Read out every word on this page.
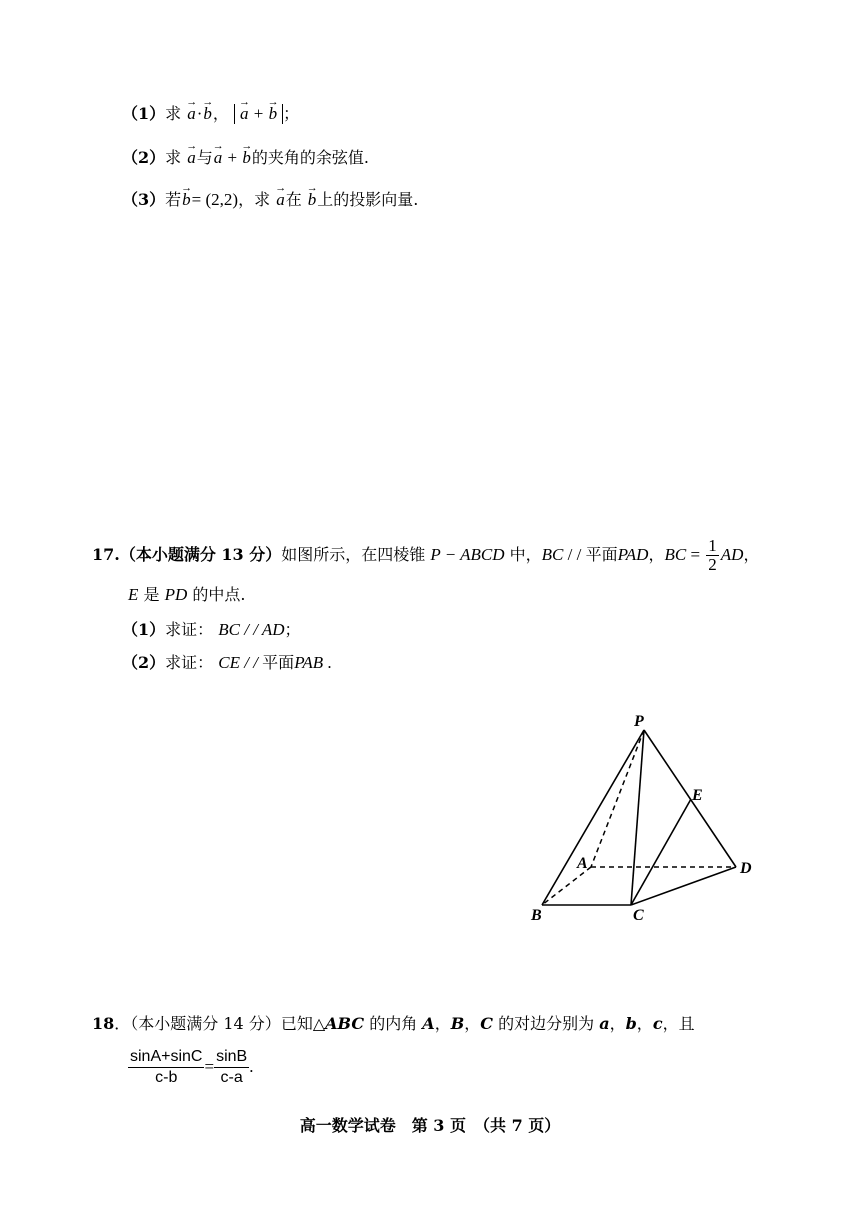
（1）求 → a·→ b， → a + → b ；
（2）求 → a与→ a + → b的夹角的余弦值.
（3）若→ b= (2,2)，求 → a在 → b上的投影向量.
17.（本小题满分 13 分）如图所示，在四棱锥 P − ABCD 中，BC / / 平面PAD，BC = $\frac{1}{2}$ AD，
E 是 PD 的中点.
（1）求证： BC / / AD；
（2）求证： CE / / 平面PAB .
P
E
A	D
B	C
18．（本小题满分 14 分）已知△ABC 的内角 A，B，C 的对边分别为 a，b，c，且
$\frac{\sin A+\sin C}{c-b} = \frac{\sin B}{c-a}$ .
高一数学试卷　第 3 页　（共 7 页）
